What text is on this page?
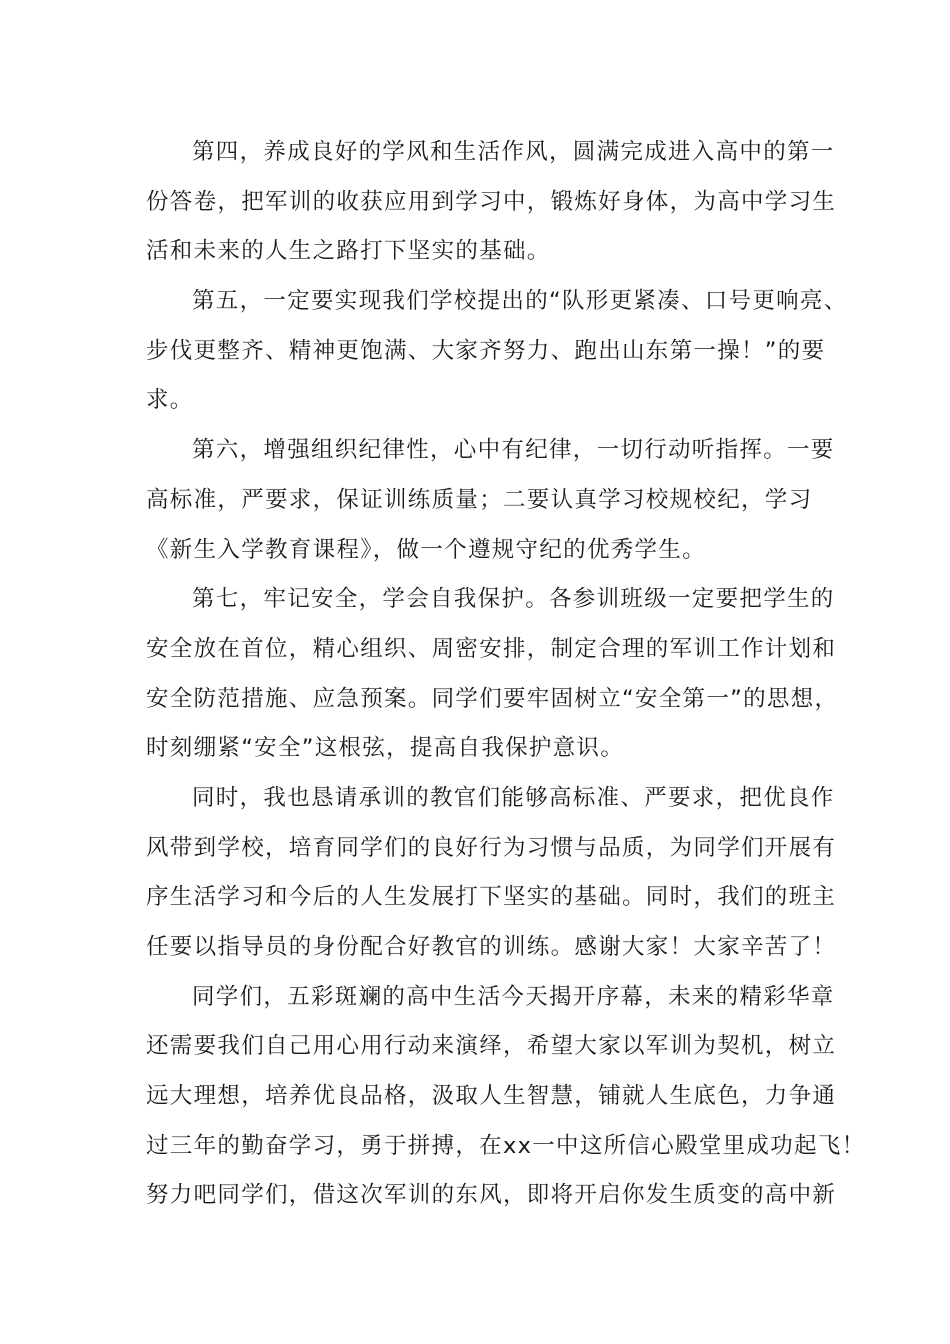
第四，养成良好的学风和生活作风，圆满完成进入高中的第一
份答卷，把军训的收获应用到学习中，锻炼好身体，为高中学习生
活和未来的人生之路打下坚实的基础。
第五，一定要实现我们学校提出的“队形更紧凑、口号更响亮、
步伐更整齐、精神更饱满、大家齐努力、跑出山东第一操！”的要
求。
第六，增强组织纪律性，心中有纪律，一切行动听指挥。一要
高标准，严要求，保证训练质量；二要认真学习校规校纪，学习
《新生入学教育课程》，做一个遵规守纪的优秀学生。
第七，牢记安全，学会自我保护。各参训班级一定要把学生的
安全放在首位，精心组织、周密安排，制定合理的军训工作计划和
安全防范措施、应急预案。同学们要牢固树立“安全第一”的思想，
时刻绷紧“安全”这根弦，提高自我保护意识。
同时，我也恳请承训的教官们能够高标准、严要求，把优良作
风带到学校，培育同学们的良好行为习惯与品质，为同学们开展有
序生活学习和今后的人生发展打下坚实的基础。同时，我们的班主
任要以指导员的身份配合好教官的训练。感谢大家！大家辛苦了！
同学们，五彩斑斓的高中生活今天揭开序幕，未来的精彩华章
还需要我们自己用心用行动来演绎，希望大家以军训为契机，树立
远大理想，培养优良品格，汲取人生智慧，铺就人生底色，力争通
过三年的勤奋学习，勇于拼搏，在xx一中这所信心殿堂里成功起飞！
努力吧同学们，借这次军训的东风，即将开启你发生质变的高中新
